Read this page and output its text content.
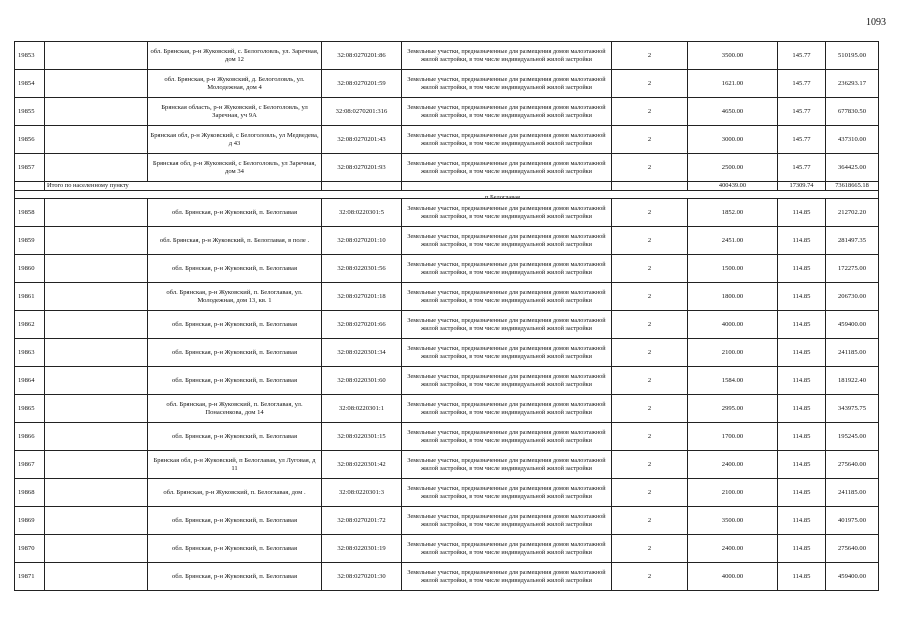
1093
19853		обл. Брянская, р-н Жуковский, с. Белоголовль, ул. Заречная, дом 12	32:08:0270201:86	Земельные участки, предназначенные для размещения домов малоэтажной жилой застройки, в том числе индивидуальной жилой застройки	2	3500.00	145.77	510195.00
19854		обл. Брянская, р-н Жуковский, д. Белоголовль, ул. Молодежная, дом 4	32:08:0270201:59	Земельные участки, предназначенные для размещения домов малоэтажной жилой застройки, в том числе индивидуальной жилой застройки	2	1621.00	145.77	236293.17
19855		Брянская область, р-н Жуковский, с Белоголовль, ул Заречная, уч 9А	32:08:0270201:316	Земельные участки, предназначенные для размещения домов малоэтажной жилой застройки, в том числе индивидуальной жилой застройки	2	4650.00	145.77	677830.50
19856		Брянская обл, р-н Жуковский, с Белоголовль, ул Медведева, д 43	32:08:0270201:43	Земельные участки, предназначенные для размещения домов малоэтажной жилой застройки, в том числе индивидуальной жилой застройки	2	3000.00	145.77	437310.00
19857		Брянская обл, р-н Жуковский, с Белоголовль, ул Заречная, дом 34	32:08:0270201:93	Земельные участки, предназначенные для размещения домов малоэтажной жилой застройки, в том числе индивидуальной жилой застройки	2	2500.00	145.77	364425.00
	Итого по населенному пункту					400439.00	17309.74	73618665.18
п Белоглавая								
19858		обл. Брянская, р-н Жуковский, п. Белоглавая	32:08:0220301:5	Земельные участки, предназначенные для размещения домов малоэтажной жилой застройки, в том числе индивидуальной жилой застройки	2	1852.00	114.85	212702.20
19859		обл. Брянская, р-н Жуковский, п. Белоглавая, в поле .	32:08:0270201:10	Земельные участки, предназначенные для размещения домов малоэтажной жилой застройки, в том числе индивидуальной жилой застройки	2	2451.00	114.85	281497.35
19860		обл. Брянская, р-н Жуковский, п. Белоглавая	32:08:0220301:56	Земельные участки, предназначенные для размещения домов малоэтажной жилой застройки, в том числе индивидуальной жилой застройки	2	1500.00	114.85	172275.00
19861		обл. Брянская, р-н Жуковский, п. Белоглавая, ул. Молодежная, дом 13, кв. 1	32:08:0270201:18	Земельные участки, предназначенные для размещения домов малоэтажной жилой застройки, в том числе индивидуальной жилой застройки	2	1800.00	114.85	206730.00
19862		обл. Брянская, р-н Жуковский, п. Белоглавая	32:08:0270201:66	Земельные участки, предназначенные для размещения домов малоэтажной жилой застройки, в том числе индивидуальной жилой застройки	2	4000.00	114.85	459400.00
19863		обл. Брянская, р-н Жуковский, п. Белоглавая	32:08:0220301:34	Земельные участки, предназначенные для размещения домов малоэтажной жилой застройки, в том числе индивидуальной жилой застройки	2	2100.00	114.85	241185.00
19864		обл. Брянская, р-н Жуковский, п. Белоглавая	32:08:0220301:60	Земельные участки, предназначенные для размещения домов малоэтажной жилой застройки, в том числе индивидуальной жилой застройки	2	1584.00	114.85	181922.40
19865		обл. Брянская, р-н Жуковский, п. Белоглавая, ул. Понасенкова, дом 14	32:08:0220301:1	Земельные участки, предназначенные для размещения домов малоэтажной жилой застройки, в том числе индивидуальной жилой застройки	2	2995.00	114.85	343975.75
19866		обл. Брянская, р-н Жуковский, п. Белоглавая	32:08:0220301:15	Земельные участки, предназначенные для размещения домов малоэтажной жилой застройки, в том числе индивидуальной жилой застройки	2	1700.00	114.85	195245.00
19867		Брянская обл, р-н Жуковский, п Белоглавая, ул Луговая, д 11	32:08:0220301:42	Земельные участки, предназначенные для размещения домов малоэтажной жилой застройки, в том числе индивидуальной жилой застройки	2	2400.00	114.85	275640.00
19868		обл. Брянская, р-н Жуковский, п. Белоглавая, дом .	32:08:0220301:3	Земельные участки, предназначенные для размещения домов малоэтажной жилой застройки, в том числе индивидуальной жилой застройки	2	2100.00	114.85	241185.00
19869		обл. Брянская, р-н Жуковский, п. Белоглавая	32:08:0270201:72	Земельные участки, предназначенные для размещения домов малоэтажной жилой застройки, в том числе индивидуальной жилой застройки	2	3500.00	114.85	401975.00
19870		обл. Брянская, р-н Жуковский, п. Белоглавая	32:08:0220301:19	Земельные участки, предназначенные для размещения домов малоэтажной жилой застройки, в том числе индивидуальной жилой застройки	2	2400.00	114.85	275640.00
19871		обл. Брянская, р-н Жуковский, п. Белоглавая	32:08:0270201:30	Земельные участки, предназначенные для размещения домов малоэтажной жилой застройки, в том числе индивидуальной жилой застройки	2	4000.00	114.85	459400.00
